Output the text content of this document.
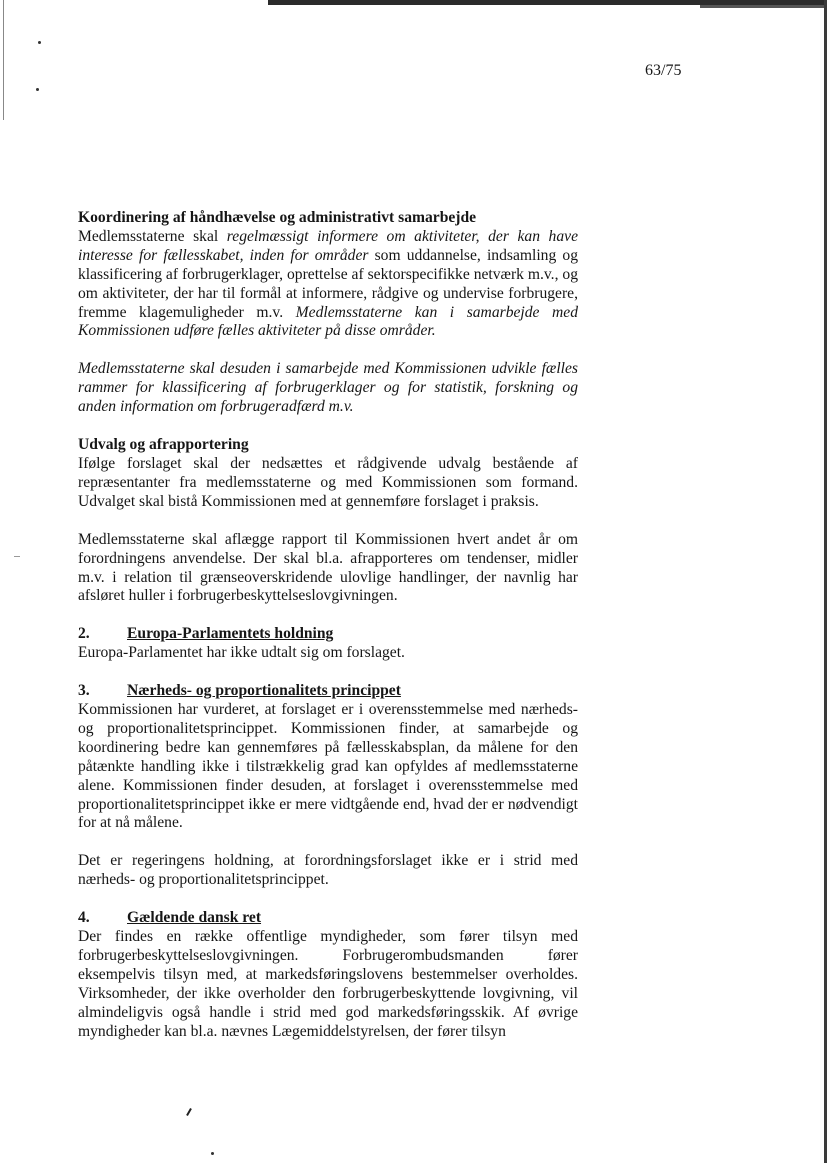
63/75

Koordinering af håndhævelse og administrativt samarbejde

Medlemsstaterne skal regelmæssigt informere om aktiviteter, der kan have interesse for fællesskabet, inden for områder som uddannelse, indsamling og klassificering af forbrugerklager, oprettelse af sektorspecifikke netværk m.v., og om aktiviteter, der har til formål at informere, rådgive og undervise forbrugere, fremme klagemuligheder m.v. Medlemsstaterne kan i samarbejde med Kommissionen udføre fælles aktiviteter på disse områder.

Medlemsstaterne skal desuden i samarbejde med Kommissionen udvikle fælles rammer for klassificering af forbrugerklager og for statistik, forskning og anden information om forbrugeradfærd m.v.

Udvalg og afrapportering

Ifølge forslaget skal der nedsættes et rådgivende udvalg bestående af repræsentanter fra medlemsstaterne og med Kommissionen som formand. Udvalget skal bistå Kommissionen med at gennemføre forslaget i praksis.

Medlemsstaterne skal aflægge rapport til Kommissionen hvert andet år om forordningens anvendelse. Der skal bl.a. afrapporteres om tendenser, midler m.v. i relation til grænseoverskridende ulovlige handlinger, der navnlig har afsløret huller i forbrugerbeskyttelseslovgivningen.

2.	Europa-Parlamentets holdning

Europa-Parlamentet har ikke udtalt sig om forslaget.

3.	Nærheds- og proportionalitets princippet

Kommissionen har vurderet, at forslaget er i overensstemmelse med nærheds- og proportionalitetsprincippet. Kommissionen finder, at samarbejde og koordinering bedre kan gennemføres på fællesskabsplan, da målene for den påtænkte handling ikke i tilstrækkelig grad kan opfyldes af medlemsstaterne alene. Kommissionen finder desuden, at forslaget i overensstemmelse med proportionalitetsprincippet ikke er mere vidtgående end, hvad der er nødvendigt for at nå målene.

Det er regeringens holdning, at forordningsforslaget ikke er i strid med nærheds- og proportionalitetsprincippet.

4.	Gældende dansk ret

Der findes en række offentlige myndigheder, som fører tilsyn med forbrugerbeskyttelseslovgivningen. Forbrugerombudsmanden fører eksempelvis tilsyn med, at markedsføringslovens bestemmelser overholdes. Virksomheder, der ikke overholder den forbrugerbeskyttende lovgivning, vil almindeligvis også handle i strid med god markedsføringsskik. Af øvrige myndigheder kan bl.a. nævnes Lægemiddelstyrelsen, der fører tilsyn
